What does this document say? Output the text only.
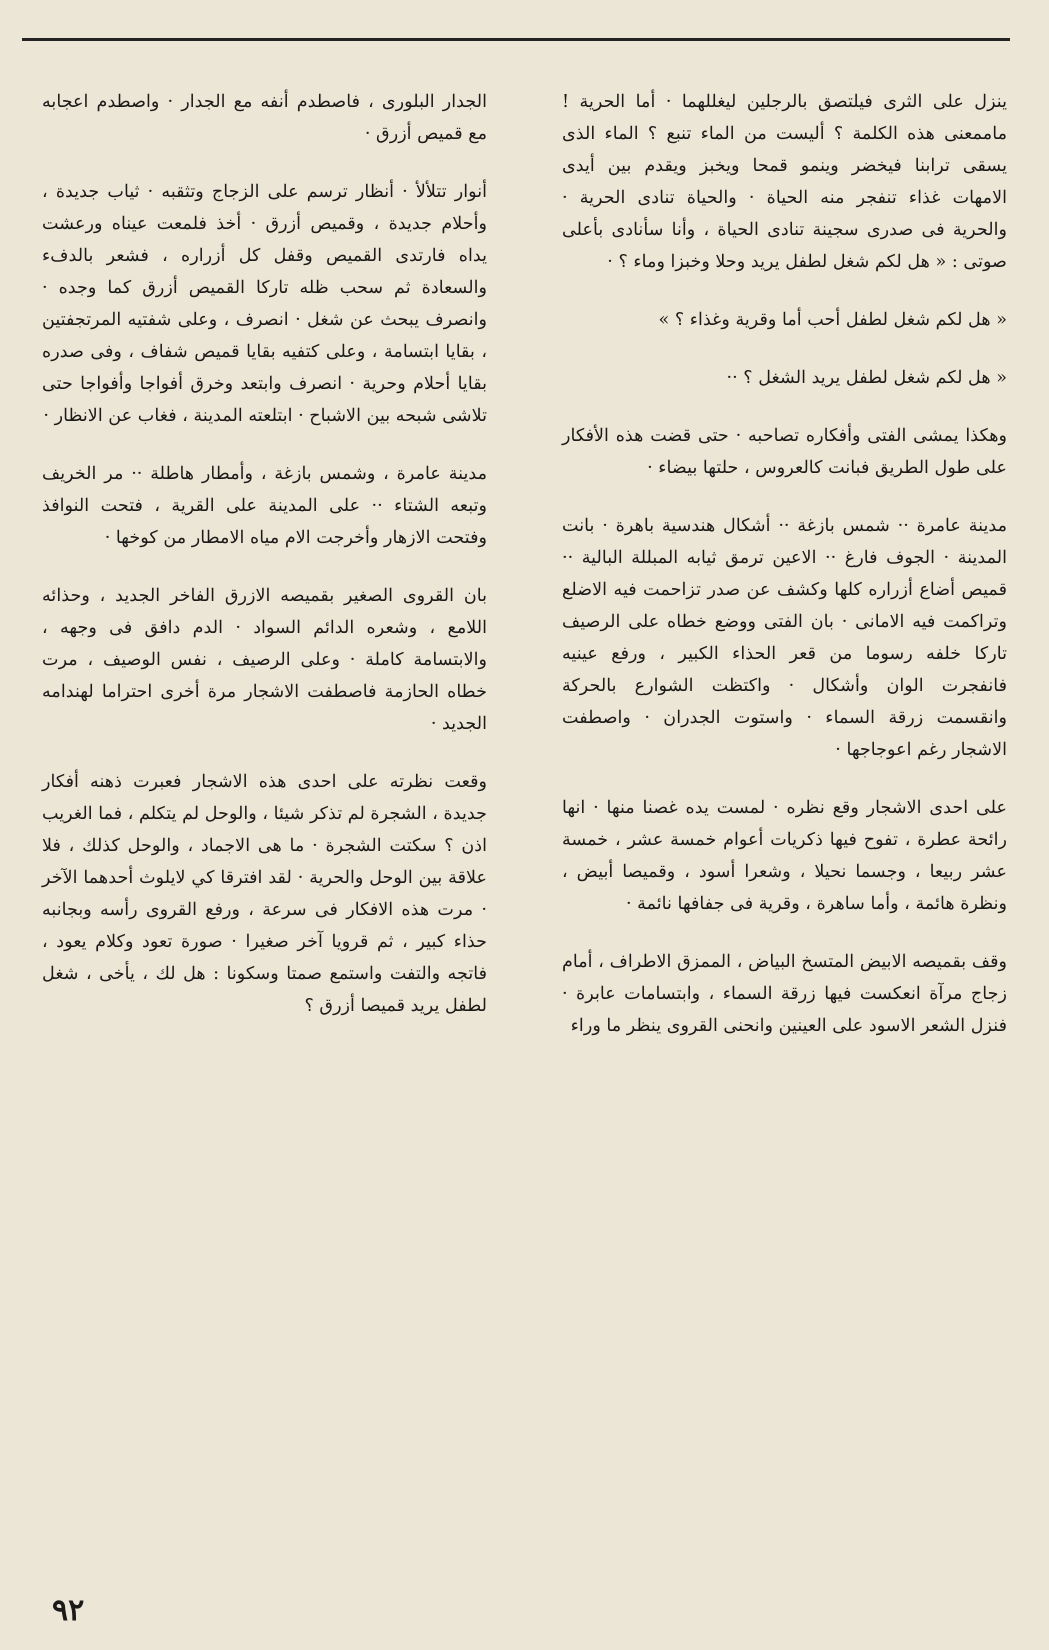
ينزل على الثرى فيلتصق بالرجلين ليغللهما · أما الحرية ! ماممعنى هذه الكلمة ؟ أليست من الماء تنبع ؟ الماء الذى يسقى ترابنا فيخضر وينمو قمحا ويخبز ويقدم بين أيدى الامهات غذاء تنفجر منه الحياة · والحياة تنادى الحرية · والحرية فى صدرى سجينة تنادى الحياة ، وأنا سأنادى بأعلى صوتى : « هل لكم شغل لطفل يريد وحلا وخبزا وماء ؟ ·

« هل لكم شغل لطفل أحب أما وقرية وغذاء ؟ »

« هل لكم شغل لطفل يريد الشغل ؟ ··

وهكذا يمشى الفتى وأفكاره تصاحبه · حتى قضت هذه الأفكار على طول الطريق فبانت كالعروس ، حلتها بيضاء ·

مدينة عامرة ·· شمس بازغة ·· أشكال هندسية باهرة · بانت المدينة · الجوف فارغ ·· الاعين ترمق ثيابه المبللة البالية ·· قميص أضاع أزراره كلها وكشف عن صدر تزاحمت فيه الاضلع وتراكمت فيه الامانى · بان الفتى ووضع خطاه على الرصيف تاركا خلفه رسوما من قعر الحذاء الكبير ، ورفع عينيه فانفجرت الوان وأشكال · واكتظت الشوارع بالحركة وانقسمت زرقة السماء · واستوت الجدران · واصطفت الاشجار رغم اعوجاجها ·

على احدى الاشجار وقع نظره · لمست يده غصنا منها · انها رائحة عطرة ، تفوح فيها ذكريات أعوام خمسة عشر ، خمسة عشر ربيعا ، وجسما نحيلا ، وشعرا أسود ، وقميصا أبيض ، ونظرة هائمة ، وأما ساهرة ، وقرية فى جفافها نائمة ·

وقف بقميصه الابيض المتسخ البياض ، الممزق الاطراف ، أمام زجاج مرآة انعكست فيها زرقة السماء ، وابتسامات عابرة · فنزل الشعر الاسود على العينين وانحنى القروى ينظر ما وراء

الجدار البلورى ، فاصطدم أنفه مع الجدار · واصطدم اعجابه مع قميص أزرق ·

أنوار تتلألأ · أنظار ترسم على الزجاج وتثقبه · ثياب جديدة ، وأحلام جديدة ، وقميص أزرق · أخذ فلمعت عيناه ورعشت يداه فارتدى القميص وقفل كل أزراره ، فشعر بالدفء والسعادة ثم سحب ظله تاركا القميص أزرق كما وجده · وانصرف يبحث عن شغل · انصرف ، وعلى شفتيه المرتجفتين ، بقايا ابتسامة ، وعلى كتفيه بقايا قميص شفاف ، وفى صدره بقايا أحلام وحرية · انصرف وابتعد وخرق أفواجا وأفواجا حتى تلاشى شبحه بين الاشباح · ابتلعته المدينة ، فغاب عن الانظار ·

مدينة عامرة ، وشمس بازغة ، وأمطار هاطلة ·· مر الخريف وتبعه الشتاء ·· على المدينة على القرية ، فتحت النوافذ وفتحت الازهار وأخرجت الام مياه الامطار من كوخها ·

بان القروى الصغير بقميصه الازرق الفاخر الجديد ، وحذائه اللامع ، وشعره الدائم السواد · الدم دافق فى وجهه ، والابتسامة كاملة · وعلى الرصيف ، نفس الوصيف ، مرت خطاه الحازمة فاصطفت الاشجار مرة أخرى احتراما لهندامه الجديد ·

وقعت نظرته على احدى هذه الاشجار فعبرت ذهنه أفكار جديدة ، الشجرة لم تذكر شيئا ، والوحل لم يتكلم ، فما الغريب اذن ؟ سكتت الشجرة · ما هى الاجماد ، والوحل كذلك ، فلا علاقة بين الوحل والحرية · لقد افترقا كي لايلوث أحدهما الآخر · مرت هذه الافكار فى سرعة ، ورفع القروى رأسه وبجانبه حذاء كبير ، ثم قرويا آخر صغيرا · صورة تعود وكلام يعود ، فاتجه والتفت واستمع صمتا وسكونا : هل لك ، يأخى ، شغل لطفل يريد قميصا أزرق ؟

٩٢
